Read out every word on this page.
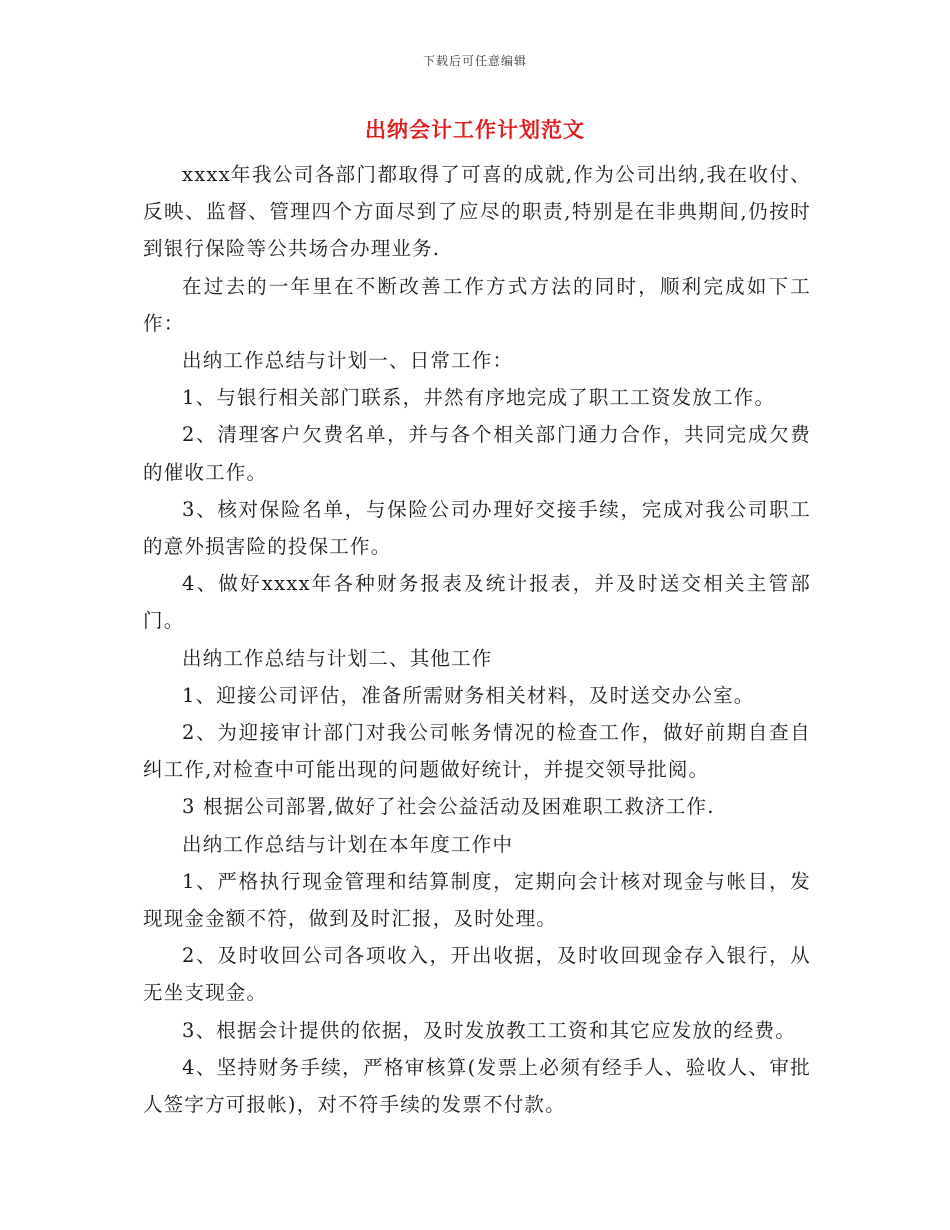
下载后可任意编辑
出纳会计工作计划范文

xxxx年我公司各部门都取得了可喜的成就,作为公司出纳,我在收付、反映、监督、管理四个方面尽到了应尽的职责,特别是在非典期间,仍按时到银行保险等公共场合办理业务.

在过去的一年里在不断改善工作方式方法的同时，顺利完成如下工作：

出纳工作总结与计划一、日常工作：

1、与银行相关部门联系，井然有序地完成了职工工资发放工作。

2、清理客户欠费名单，并与各个相关部门通力合作，共同完成欠费的催收工作。

3、核对保险名单，与保险公司办理好交接手续，完成对我公司职工的意外损害险的投保工作。

4、做好xxxx年各种财务报表及统计报表，并及时送交相关主管部门。

出纳工作总结与计划二、其他工作

1、迎接公司评估，准备所需财务相关材料，及时送交办公室。

2、为迎接审计部门对我公司帐务情况的检查工作，做好前期自查自纠工作,对检查中可能出现的问题做好统计，并提交领导批阅。

3 根据公司部署,做好了社会公益活动及困难职工救济工作.

出纳工作总结与计划在本年度工作中

1、严格执行现金管理和结算制度，定期向会计核对现金与帐目，发现现金金额不符，做到及时汇报，及时处理。

2、及时收回公司各项收入，开出收据，及时收回现金存入银行，从无坐支现金。

3、根据会计提供的依据，及时发放教工工资和其它应发放的经费。

4、坚持财务手续，严格审核算(发票上必须有经手人、验收人、审批人签字方可报帐)，对不符手续的发票不付款。
